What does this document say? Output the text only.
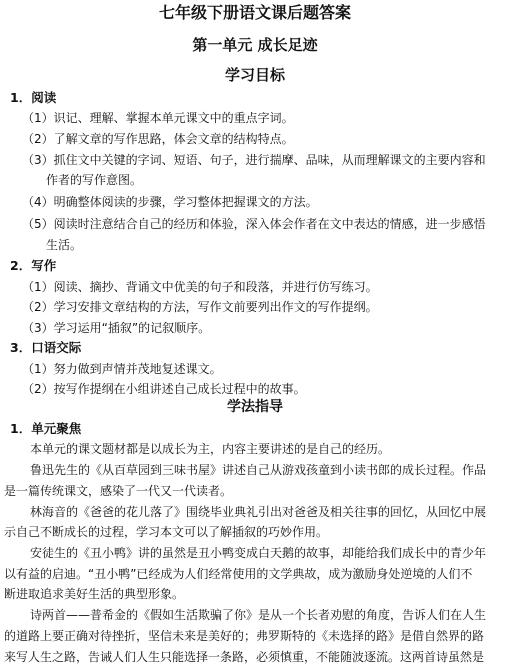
七年级下册语文课后题答案
第一单元 成长足迹
学习目标
1．阅读
（1）识记、理解、掌握本单元课文中的重点字词。
（2）了解文章的写作思路，体会文章的结构特点。
（3）抓住文中关键的字词、短语、句子，进行揣摩、品味，从而理解课文的主要内容和
作者的写作意图。
（4）明确整体阅读的步骤，学习整体把握课文的方法。
（5）阅读时注意结合自己的经历和体验，深入体会作者在文中表达的情感，进一步感悟
生活。
2．写作
（1）阅读、摘抄、背诵文中优美的句子和段落，并进行仿写练习。
（2）学习安排文章结构的方法，写作文前要列出作文的写作提纲。
（3）学习运用“插叙”的记叙顺序。
3．口语交际
（1）努力做到声情并茂地复述课文。
（2）按写作提纲在小组讲述自己成长过程中的故事。
学法指导
1．单元聚焦
本单元的课文题材都是以成长为主，内容主要讲述的是自己的经历。
鲁迅先生的《从百草园到三味书屋》讲述自己从游戏孩童到小读书郎的成长过程。作品
是一篇传统课文，感染了一代又一代读者。
林海音的《爸爸的花儿落了》围绕毕业典礼引出对爸爸及相关往事的回忆，从回忆中展
示自己不断成长的过程，学习本文可以了解插叙的巧妙作用。
安徒生的《丑小鸭》讲的虽然是丑小鸭变成白天鹅的故事，却能给我们成长中的青少年
以有益的启迪。“丑小鸭”已经成为人们经常使用的文学典故，成为激励身处逆境的人们不
断进取追求美好生活的典型形象。
诗两首——普希金的《假如生活欺骗了你》是从一个长者劝慰的角度，告诉人们在人生
的道路上要正确对待挫折，坚信未来是美好的；弗罗斯特的《未选择的路》是借自然界的路
来写人生之路，告诫人们人生只能选择一条路，必须慎重，不能随波逐流。这两首诗虽然是
